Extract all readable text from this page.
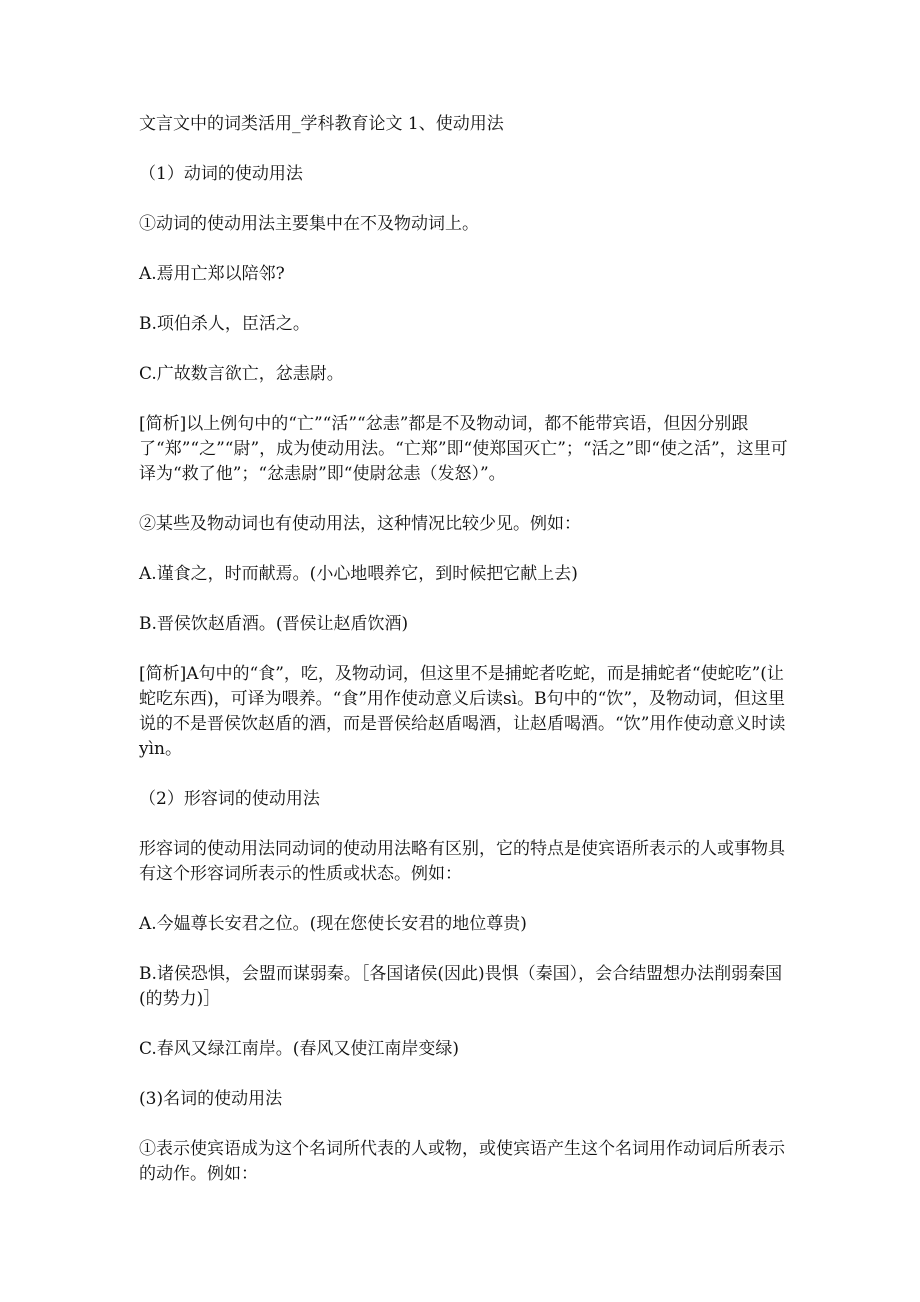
文言文中的词类活用_学科教育论文 1、使动用法

（1）动词的使动用法

①动词的使动用法主要集中在不及物动词上。

A.焉用亡郑以陪邻?

B.项伯杀人，臣活之。

C.广故数言欲亡，忿恚尉。

[简析]以上例句中的“亡”“活”“忿恚”都是不及物动词，都不能带宾语，但因分别跟了“郑”“之”“尉”，成为使动用法。“亡郑”即“使郑国灭亡”；“活之”即“使之活”，这里可译为“救了他”；“忿恚尉”即“使尉忿恚（发怒）”。

②某些及物动词也有使动用法，这种情况比较少见。例如：

A.谨食之，时而献焉。(小心地喂养它，到时候把它献上去)

B.晋侯饮赵盾酒。(晋侯让赵盾饮酒)

[简析]A句中的“食”，吃，及物动词，但这里不是捕蛇者吃蛇，而是捕蛇者“使蛇吃”(让蛇吃东西)，可译为喂养。“食”用作使动意义后读sì。B句中的“饮”，及物动词，但这里说的不是晋侯饮赵盾的酒，而是晋侯给赵盾喝酒，让赵盾喝酒。“饮”用作使动意义时读yìn。

（2）形容词的使动用法

形容词的使动用法同动词的使动用法略有区别，它的特点是使宾语所表示的人或事物具有这个形容词所表示的性质或状态。例如：

A.今媪尊长安君之位。(现在您使长安君的地位尊贵)

B.诸侯恐惧，会盟而谋弱秦。［各国诸侯(因此)畏惧（秦国），会合结盟想办法削弱秦国(的势力)］

C.春风又绿江南岸。(春风又使江南岸变绿)

(3)名词的使动用法

①表示使宾语成为这个名词所代表的人或物，或使宾语产生这个名词用作动词后所表示的动作。例如：
